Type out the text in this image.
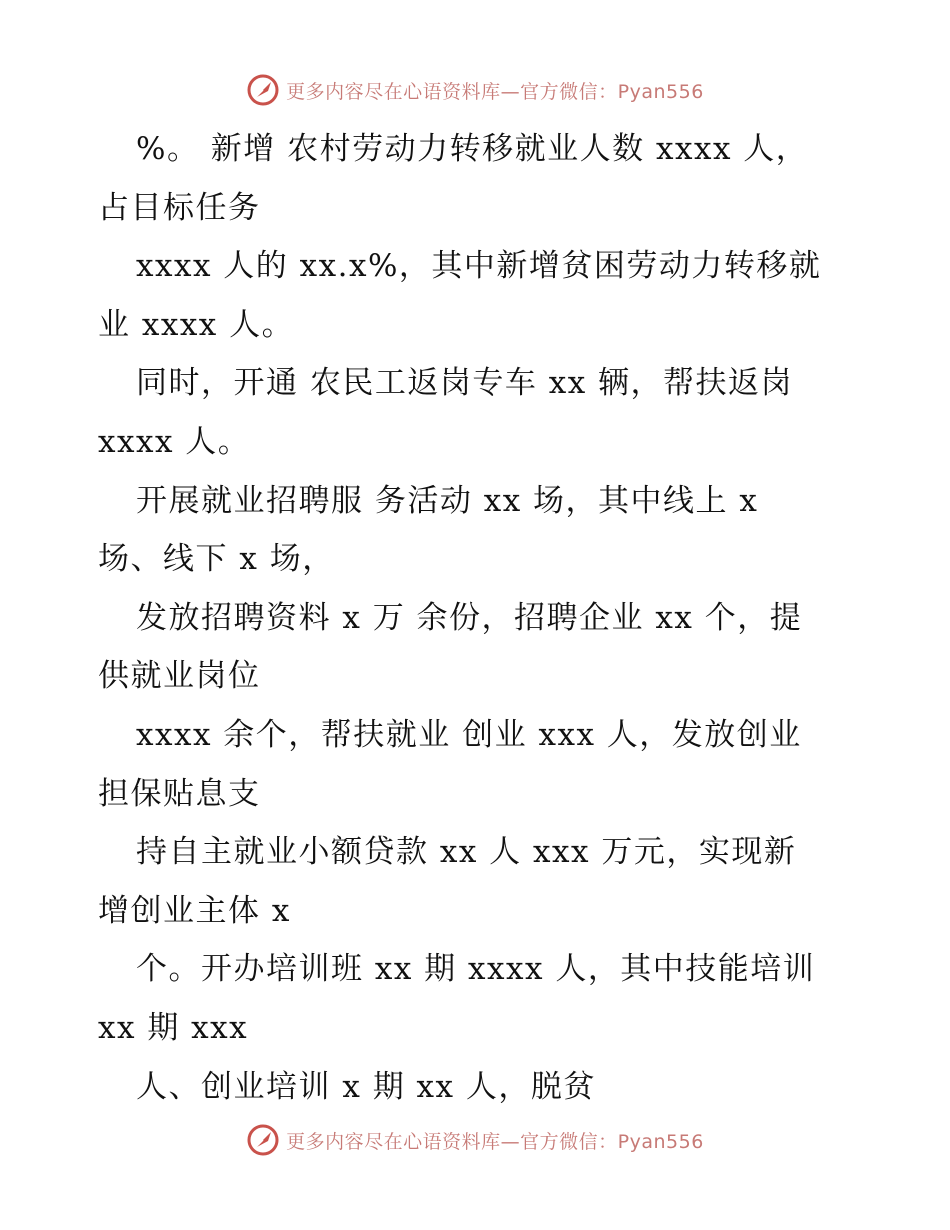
更多内容尽在心语资料库—官方微信：Pyan556
%。 新增 农村劳动力转移就业人数 xxxx 人，
占目标任务
xxxx 人的 xx.x%，其中新增贫困劳动力转移就
业 xxxx 人。
同时，开通 农民工返岗专车 xx 辆，帮扶返岗
xxxx 人。
开展就业招聘服 务活动 xx 场，其中线上 x
场、线下 x 场，
发放招聘资料 x 万 余份，招聘企业 xx 个，提
供就业岗位
xxxx 余个，帮扶就业 创业 xxx 人，发放创业
担保贴息支
持自主就业小额贷款 xx 人 xxx 万元，实现新
增创业主体 x
个。开办培训班 xx 期 xxxx 人，其中技能培训
xx 期 xxx
人、创业培训 x 期 xx 人，脱贫
更多内容尽在心语资料库—官方微信：Pyan556
